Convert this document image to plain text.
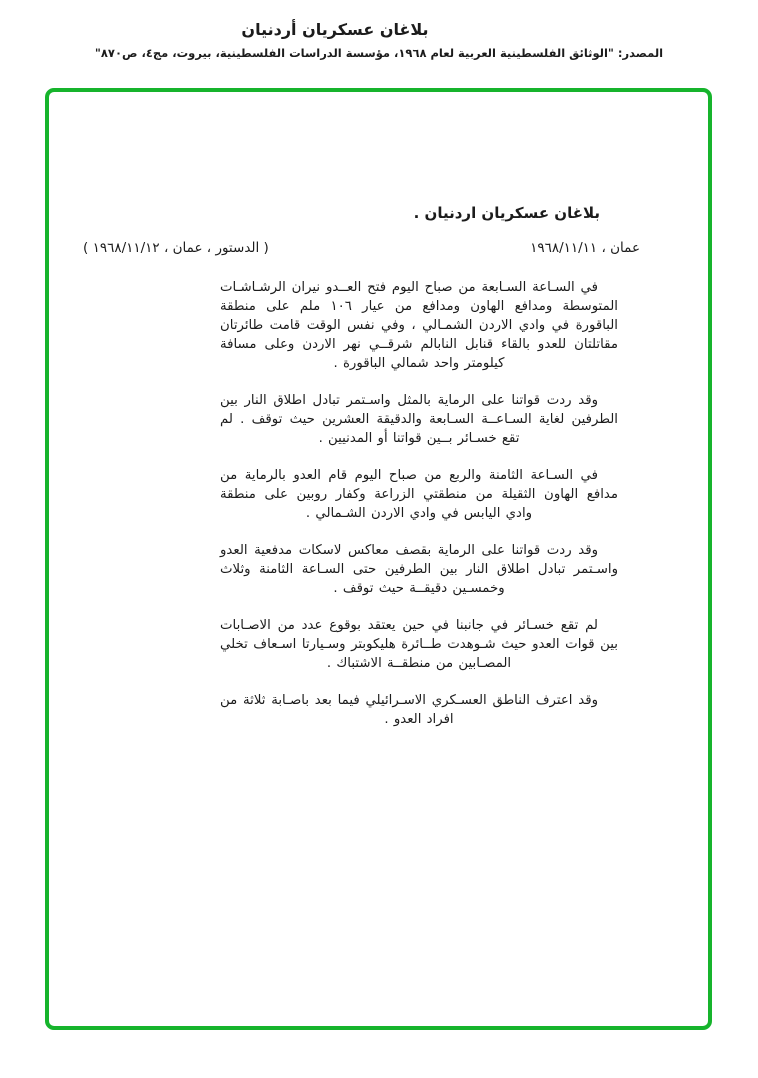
بلاغان عسكريان أردنيان
المصدر: "الوثائق الفلسطينية العربية لعام ١٩٦٨، مؤسسة الدراسات الفلسطينية، بيروت، مج٤، ص٨٧٠"
بلاغان عسكريان اردنيان .
عمان ، ١٩٦٨/١١/١١
( الدستور ، عمان ، ١٩٦٨/١١/١٢ )

في السـاعة السـابعة من صباح اليوم فتح العــدو نيران الرشـاشـات المتوسطة ومدافع الهاون ومدافع من عيار ١٠٦ ملم على منطقة الباقورة في وادي الاردن الشمـالي ، وفي نفس الوقت قامت طائرتان مقاتلتان للعدو بالقاء قنابل النابالم شرقــي نهر الاردن وعلى مسافة كيلومتر واحد شمالي الباقورة .

وقد ردت قواتنا على الرماية بالمثل واسـتمر تبادل اطلاق النار بين الطرفين لغاية السـاعــة السـابعة والدقيقة العشرين حيث توقف . لم تقع خسـائر بــين قواتنا أو المدنيين .

في السـاعة الثامنة والربع من صباح اليوم قام العدو بالرماية من مدافع الهاون الثقيلة من منطقتي الزراعة وكفار روبين على منطقة وادي اليابس في وادي الاردن الشـمالي .

وقد ردت قواتنا على الرماية بقصف معاكس لاسكات مدفعية العدو واسـتمر تبادل اطلاق النار بين الطرفين حتى السـاعة الثامنة وثلاث وخمسـين دقيقــة حيث توقف .

لم تقع خسـائر في جانبنا في حين يعتقد بوقوع عدد من الاصـابات بين قوات العدو حيث شـوهدت طــائرة هليكوبتر وسـيارتا اسـعاف تخلي المصـابين من منطقــة الاشتباك .

وقد اعترف الناطق العسـكري الاسـرائيلي فيما بعد باصـابة ثلاثة من افراد العدو .
